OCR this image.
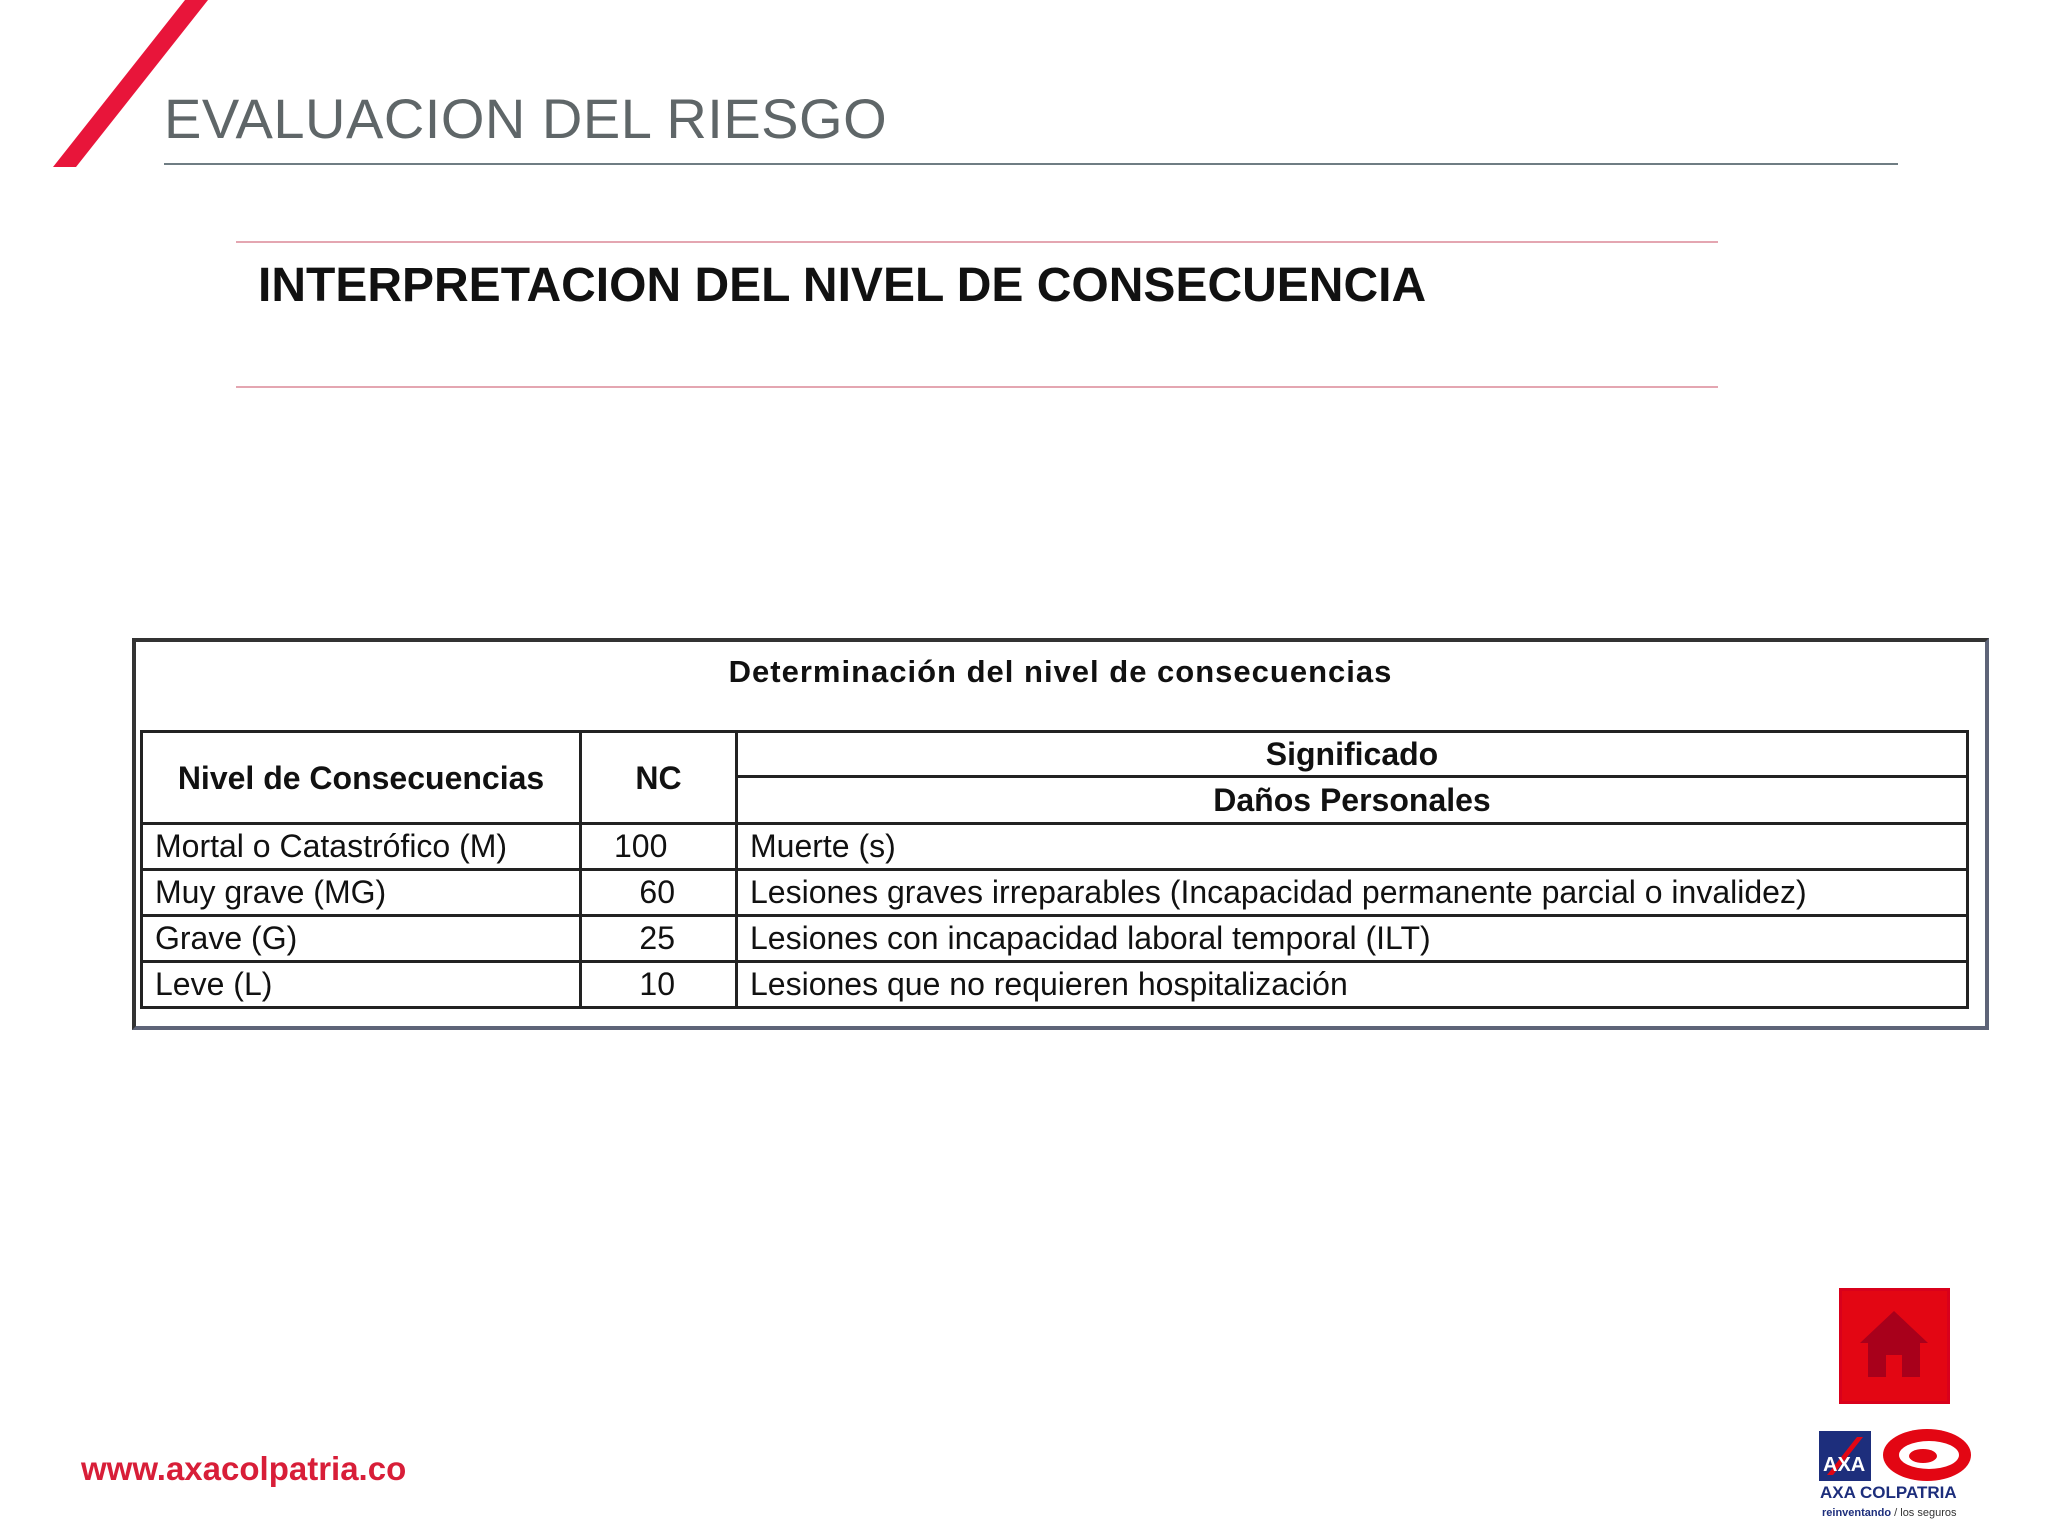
EVALUACION DEL RIESGO
INTERPRETACION DEL NIVEL DE CONSECUENCIA
Determinación del nivel de consecuencias
Nivel de Consecuencias	NC	Significado
		Daños Personales
Mortal o Catastrófico (M)	100	Muerte (s)
Muy grave (MG)	60	Lesiones graves irreparables (Incapacidad permanente parcial o invalidez)
Grave (G)	25	Lesiones con incapacidad laboral temporal (ILT)
Leve (L)	10	Lesiones que no requieren hospitalización
www.axacolpatria.co	AXA
AXA COLPATRIA
reinventando / los seguros
